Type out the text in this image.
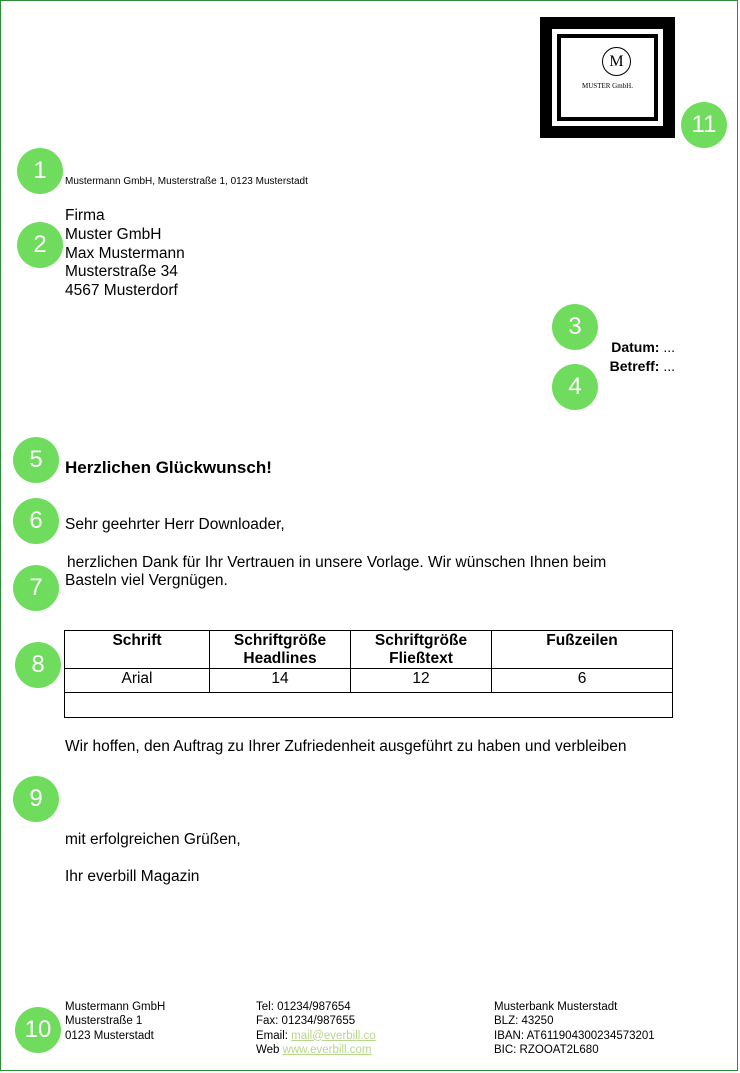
M
MUSTER GmbH.
1
2
3
4
5
6
7
8
9
10
11
Mustermann GmbH, Musterstraße 1, 0123 Musterstadt
Firma
Muster GmbH
Max Mustermann
Musterstraße 34
4567 Musterdorf
Datum: ...
Betreff: ...
Herzlichen Glückwunsch!
Sehr geehrter Herr Downloader,
herzlichen Dank für Ihr Vertrauen in unsere Vorlage. Wir wünschen Ihnen beim
Basteln viel Vergnügen.
Schrift	Schriftgröße Headlines	Schriftgröße Fließtext	Fußzeilen
Arial	14	12	6

Wir hoffen, den Auftrag zu Ihrer Zufriedenheit ausgeführt zu haben und verbleiben
mit erfolgreichen Grüßen,
Ihr everbill Magazin
Mustermann GmbH
Musterstraße 1
0123 Musterstadt
Tel: 01234/987654
Fax: 01234/987655
Email: mail@everbill.co
Web www.everbill.com
Musterbank Musterstadt
BLZ: 43250
IBAN: AT611904300234573201
BIC: RZOOAT2L680
